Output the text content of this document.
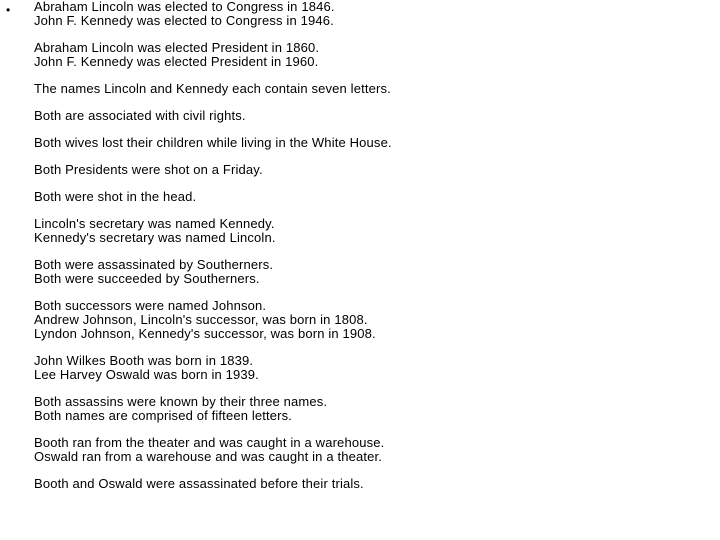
• Abraham Lincoln was elected to Congress in 1846.
John F. Kennedy was elected to Congress in 1946.
Abraham Lincoln was elected President in 1860.
John F. Kennedy was elected President in 1960.
The names Lincoln and Kennedy each contain seven letters.
Both are associated with civil rights.
Both wives lost their children while living in the White House.
Both Presidents were shot on a Friday.
Both were shot in the head.
Lincoln's secretary was named Kennedy.
Kennedy's secretary was named Lincoln.
Both were assassinated by Southerners.
Both were succeeded by Southerners.
Both successors were named Johnson.
Andrew Johnson, Lincoln's successor, was born in 1808.
Lyndon Johnson, Kennedy's successor, was born in 1908.
John Wilkes Booth was born in 1839.
Lee Harvey Oswald was born in 1939.
Both assassins were known by their three names.
Both names are comprised of fifteen letters.
Booth ran from the theater and was caught in a warehouse.
Oswald ran from a warehouse and was caught in a theater.
Booth and Oswald were assassinated before their trials.
